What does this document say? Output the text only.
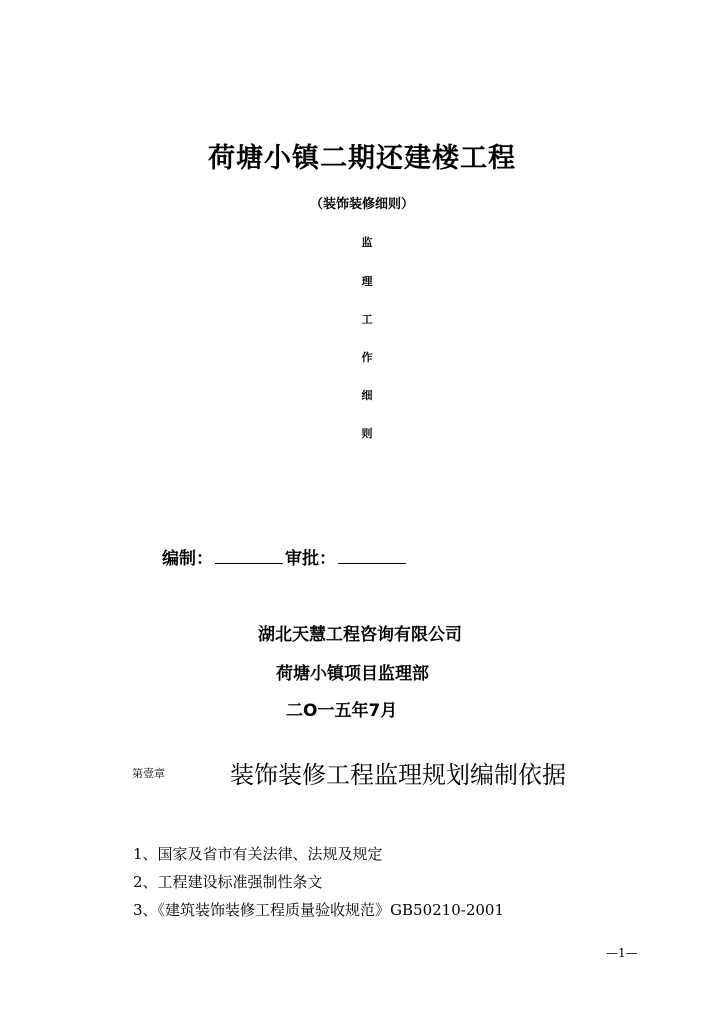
荷塘小镇二期还建楼工程
（装饰装修细则）
监
理
工
作
细
则
编制：	审批：
湖北天慧工程咨询有限公司
荷塘小镇项目监理部
二O一五年7月
第壹章	装饰装修工程监理规划编制依据
1、国家及省市有关法律、法规及规定
2、工程建设标准强制性条文
3、《建筑装饰装修工程质量验收规范》GB50210-2001
—1—
